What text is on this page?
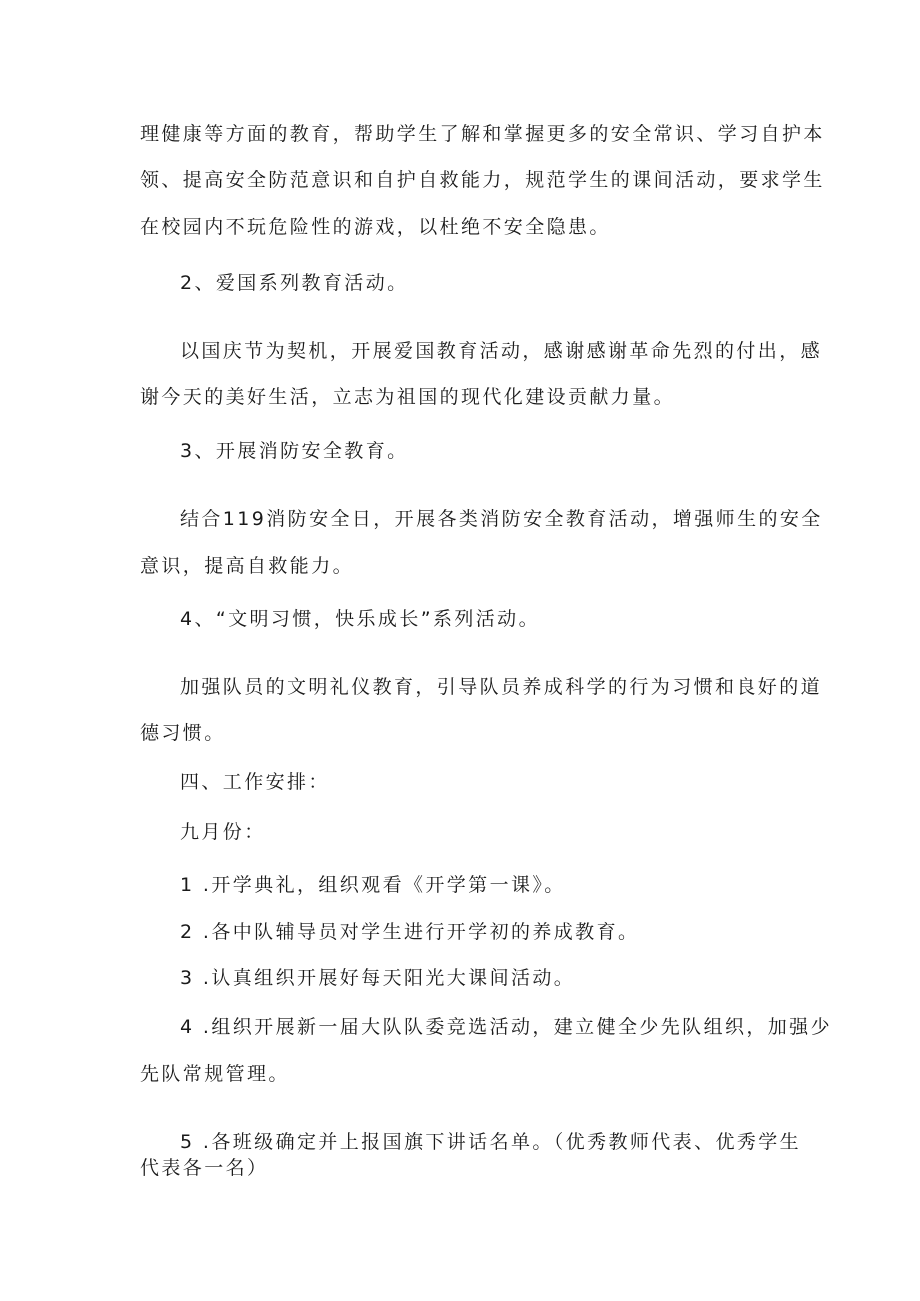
理健康等方面的教育，帮助学生了解和掌握更多的安全常识、学习自护本
领、提高安全防范意识和自护自救能力，规范学生的课间活动，要求学生
在校园内不玩危险性的游戏，以杜绝不安全隐患。
2、爱国系列教育活动。
以国庆节为契机，开展爱国教育活动，感谢感谢革命先烈的付出，感
谢今天的美好生活，立志为祖国的现代化建设贡献力量。
3、开展消防安全教育。
结合119消防安全日，开展各类消防安全教育活动，增强师生的安全
意识，提高自救能力。
4、“文明习惯，快乐成长”系列活动。
加强队员的文明礼仪教育，引导队员养成科学的行为习惯和良好的道
德习惯。
四、工作安排：
九月份：
1 .开学典礼，组织观看《开学第一课》。
2 .各中队辅导员对学生进行开学初的养成教育。
3 .认真组织开展好每天阳光大课间活动。
4 .组织开展新一届大队队委竞选活动，建立健全少先队组织，加强少
先队常规管理。
5 .各班级确定并上报国旗下讲话名单。（优秀教师代表、优秀学生
代表各一名）
